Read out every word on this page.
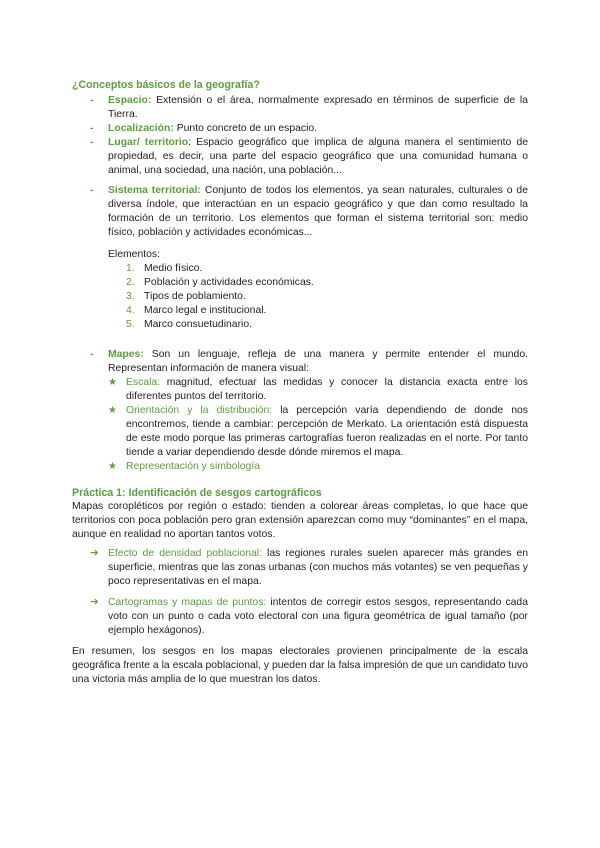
¿Conceptos básicos de la geografía?
- Espacio: Extensión o el área, normalmente expresado en términos de superficie de la Tierra.
- Localización: Punto concreto de un espacio.
- Lugar/ territorio: Espacio geográfico que implica de alguna manera el sentimiento de propiedad, es decir, una parte del espacio geográfico que una comunidad humana o animal, una sociedad, una nación, una población...
- Sistema territorial: Conjunto de todos los elementos, ya sean naturales, culturales o de diversa índole, que interactúan en un espacio geográfico y que dan como resultado la formación de un territorio. Los elementos que forman el sistema territorial son: medio físico, población y actividades económicas...
Elementos:
1. Medio físico.
2. Población y actividades económicas.
3. Tipos de poblamiento.
4. Marco legal e institucional.
5. Marco consuetudinario.
- Mapes: Son un lenguaje, refleja de una manera y permite entender el mundo. Representan información de manera visual:
★ Escala: magnitud, efectuar las medidas y conocer la distancia exacta entre los diferentes puntos del territorio.
★ Orientación y la distribución: la percepción varía dependiendo de donde nos encontremos, tiende a cambiar: percepción de Merkato. La orientación está dispuesta de este modo porque las primeras cartografías fueron realizadas en el norte. Por tanto tiende a variar dependiendo desde dónde miremos el mapa.
★ Representación y simbología
Práctica 1: Identificación de sesgos cartográficos

Mapas coropléticos por región o estado: tienden a colorear áreas completas, lo que hace que territorios con poca población pero gran extensión aparezcan como muy “dominantes” en el mapa, aunque en realidad no aportan tantos votos.

➔ Efecto de densidad poblacional: las regiones rurales suelen aparecer más grandes en superficie, mientras que las zonas urbanas (con muchos más votantes) se ven pequeñas y poco representativas en el mapa.
➔ Cartogramas y mapas de puntos: intentos de corregir estos sesgos, representando cada voto con un punto o cada voto electoral con una figura geométrica de igual tamaño (por ejemplo hexágonos).

En resumen, los sesgos en los mapas electorales provienen principalmente de la escala geográfica frente a la escala poblacional, y pueden dar la falsa impresión de que un candidato tuvo una victoria más amplia de lo que muestran los datos.
